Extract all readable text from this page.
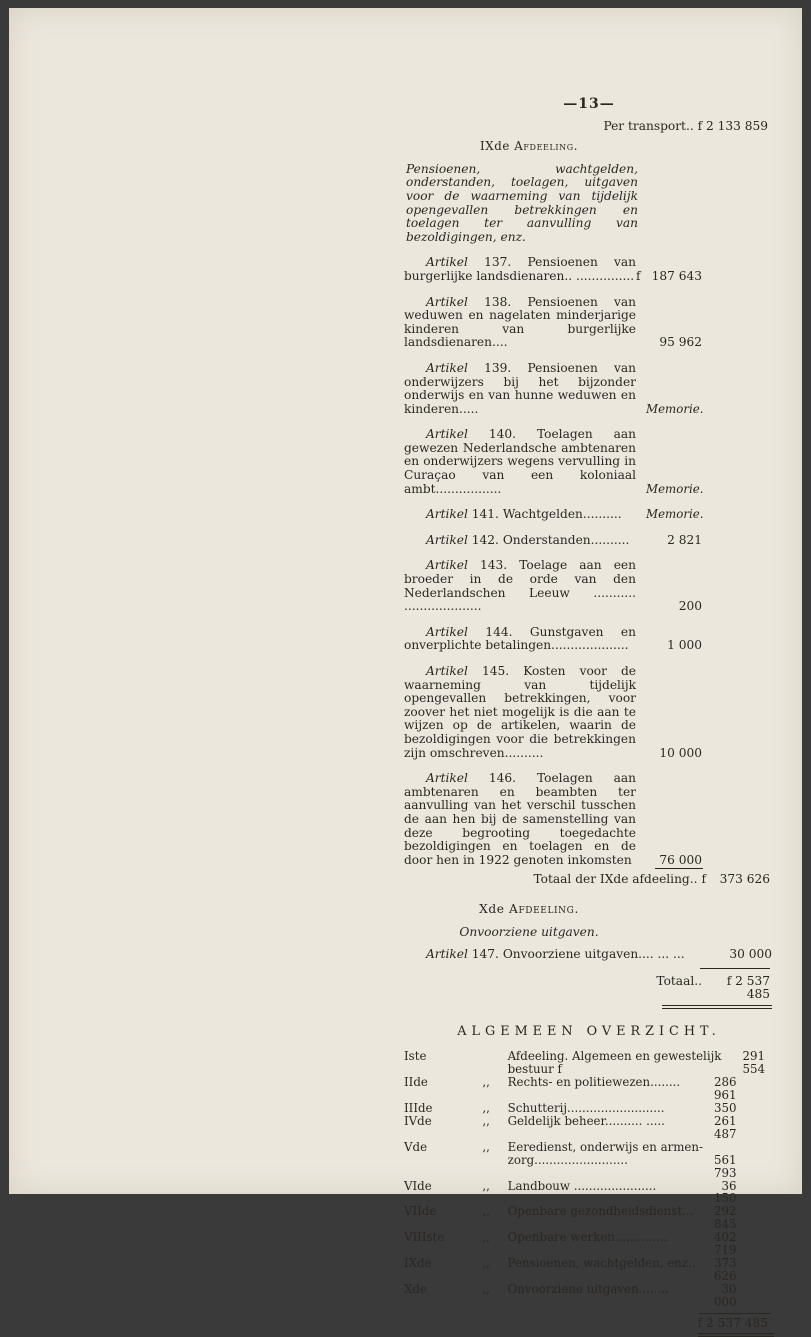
—13—
Per transport.. f 2 133 859
IXde Afdeeling.
Pensioenen, wachtgelden, onderstanden, toelagen, uitgaven voor de waarneming van tijdelijk opengevallen betrekkingen en toelagen ter aanvulling van bezoldigingen, enz.
Artikel 137. Pensioenen van burgerlijke landsdienaren.. ............... f 187 643
Artikel 138. Pensioenen van weduwen en nagelaten minderjarige kinderen van burgerlijke landsdienaren....	95 962
Artikel 139. Pensioenen van onderwijzers bij het bijzonder onderwijs en van hunne weduwen en kinderen.....	Memorie.
Artikel 140. Toelagen aan gewezen Nederlandsche ambtenaren en onderwijzers wegens vervulling in Curaçao van een koloniaal ambt.................	Memorie.
Artikel 141. Wachtgelden..........	Memorie.
Artikel 142. Onderstanden..........	2 821
Artikel 143. Toelage aan een broeder in de orde van den Nederlandschen Leeuw ........... ....................	200
Artikel 144. Gunstgaven en onverplichte betalingen....................	1 000
Artikel 145. Kosten voor de waarneming van tijdelijk opengevallen betrekkingen, voor zoover het niet mogelijk is die aan te wijzen op de artikelen, waarin de bezoldigingen voor die betrekkingen zijn omschreven..........	10 000
Artikel 146. Toelagen aan ambtenaren en beambten ter aanvulling van het verschil tusschen de aan hen bij de samenstelling van deze begrooting toegedachte bezoldigingen en toelagen en de door hen in 1922 genoten inkomsten	76 000
Totaal der IXde afdeeling.. f	373 626
Xde Afdeeling.
Onvoorziene uitgaven.
Artikel 147. Onvoorziene uitgaven.... ... ...	30 000
Totaal..	f 2 537 485
ALGEMEEN OVERZICHT.
Iste		Afdeeling. Algemeen en gewestelijk bestuur f		291 554
IIde	,,	Rechts- en politiewezen........	286 961	
IIIde	,,	Schutterij..........................	350	
IVde	,,	Geldelijk beheer.......... .....	261 487	
Vde	,,	Eeredienst, onderwijs en armen-		
		zorg.........................	561 793	
VIde	,,	Landbouw ......................	36 150	
VIIde	,,	Openbare gezondheidsdienst...	292 845	
VIIIste	,,	Openbare werken..............	402 719	
IXde	,,	Pensioenen, wachtgelden, enz..	373 626	
Xde	,,	Onvoorziene uitgaven........	30 000	
f 2 537 485
